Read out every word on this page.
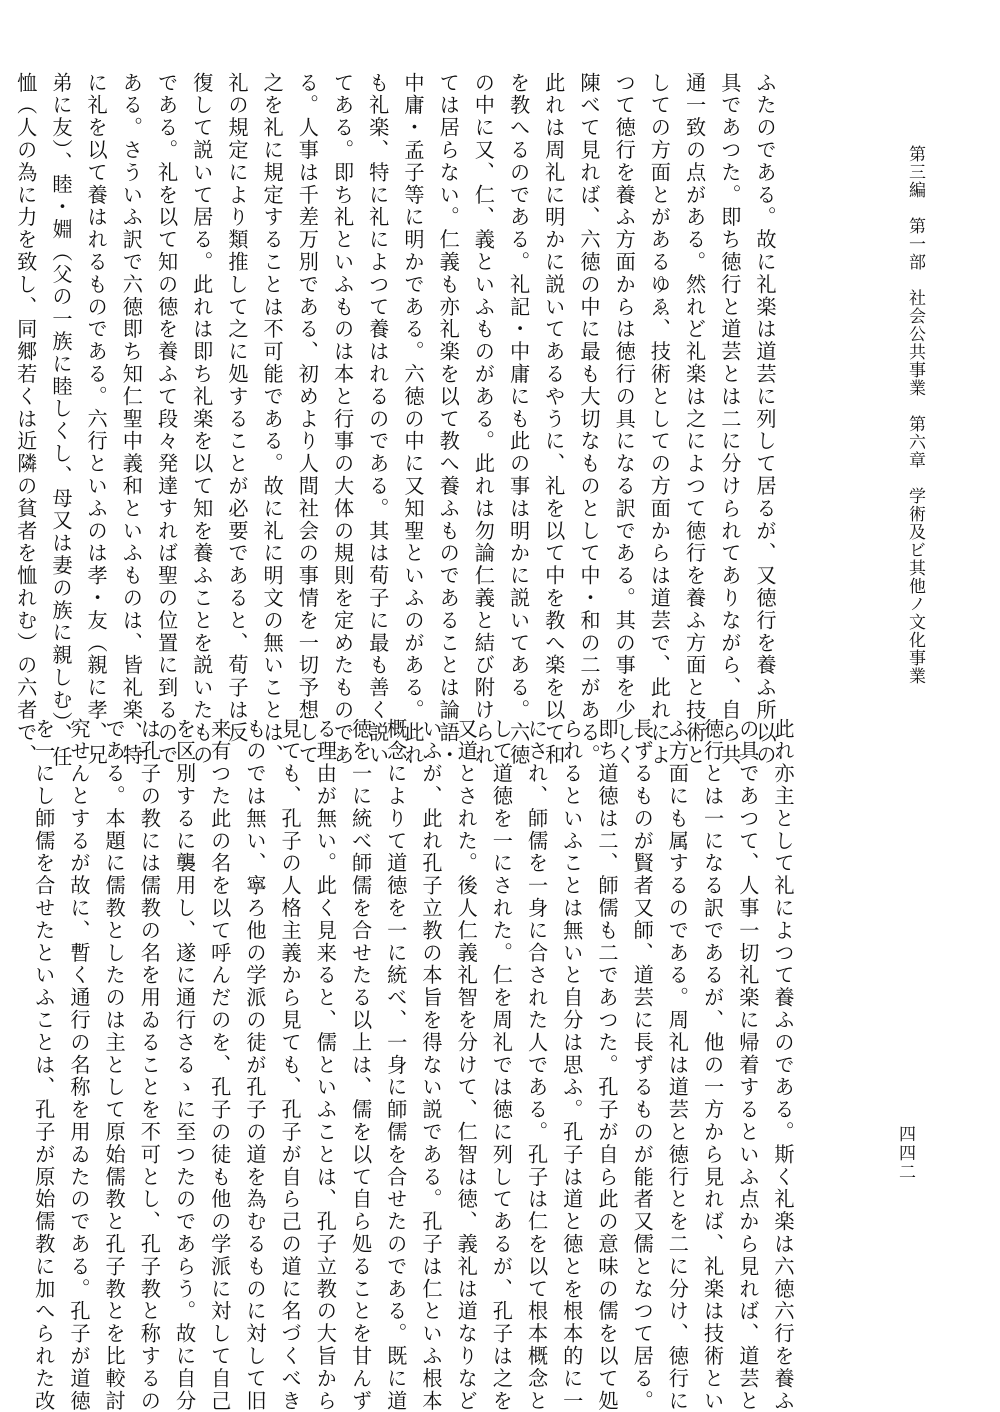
第三編　第一部　社会公共事業　第六章　学術及ビ其他ノ文化事業
四四二
ふたのである。故に礼楽は道芸に列して居るが、又徳行を養ふ所以の
具であつた。即ち徳行と道芸とは二に分けられてありながら、自ら共
通一致の点がある。然れど礼楽は之によつて徳行を養ふ方面と技術と
しての方面とがあるゆゑ、技術としての方面からは道芸で、此れによ
つて徳行を養ふ方面からは徳行の具になる訳である。其の事を少しく
陳べて見れば、六徳の中に最も大切なものとして中・和の二がある。
此れは周礼に明かに説いてあるやうに、礼を以て中を教へ楽を以て和
を教へるのである。礼記・中庸にも此の事は明かに説いてある。六徳
の中に又、仁、義といふものがある。此れは勿論仁義と結び附けられ
ては居らない。仁義も亦礼楽を以て教へ養ふものであることは論語・
中庸・孟子等に明かである。六徳の中に又知聖といふのがある。此れ
も礼楽、特に礼によつて養はれるのである。其は荀子に最も善く説い
てある。即ち礼といふものは本と行事の大体の規則を定めたものであ
る。人事は千差万別である、初めより人間社会の事情を一切予想して
之を礼に規定することは不可能である。故に礼に明文の無いことは、
礼の規定により類推して之に処することが必要であると、荀子は反
復して説いて居る。此れは即ち礼楽を以て知を養ふことを説いたもの
である。礼を以て知の徳を養ふて段々発達すれば聖の位置に到るので
ある。さういふ訳で六徳即ち知仁聖中義和といふものは、皆礼楽、特
に礼を以て養はれるものである。六行といふのは孝・友（親に孝、兄
弟に友）、睦・婣（父の一族に睦しくし、母又は妻の族に親しむ）、任
恤（人の為に力を致し、同郷若くは近隣の貧者を恤れむ）の六者で、
此れ亦主として礼によつて養ふのである。斯く礼楽は六徳六行を養ふ
の具であつて、人事一切礼楽に帰着するといふ点から見れば、道芸と
徳行とは一になる訳であるが、他の一方から見れば、礼楽は技術とい
ふ方面にも属するのである。周礼は道芸と徳行とを二に分け、徳行に
長ずるものが賢者又師、道芸に長ずるものが能者又儒となつて居る。
即ち道徳は二、師儒も二であつた。孔子が自ら此の意味の儒を以て処
られるといふことは無いと自分は思ふ。孔子は道と徳とを根本的に一
にされ、師儒を一身に合された人である。孔子は仁を以て根本概念と
して道徳を一にされた。仁を周礼では徳に列してあるが、孔子は之を
又道とされた。後人仁義礼智を分けて、仁智は徳、義礼は道なりなど
いふが、此れ孔子立教の本旨を得ない説である。孔子は仁といふ根本
概念によりて道徳を一に統べ、一身に師儒を合せたのである。既に道
徳を一に統べ師儒を合せたる以上は、儒を以て自ら処ることを甘んず
る理由が無い。此く見来ると、儒といふことは、孔子立教の大旨から
見ても、孔子の人格主義から見ても、孔子が自ら己の道に名づくべき
ものでは無い、寧ろ他の学派の徒が孔子の道を為むるものに対して旧
来有つた此の名を以て呼んだのを、孔子の徒も他の学派に対して自己
を区別するに襲用し、遂に通行さるゝに至つたのであらう。故に自分
は孔子の教には儒教の名を用ゐることを不可とし、孔子教と称するの
である。本題に儒教としたのは主として原始儒教と孔子教とを比較討
究せんとするが故に、暫く通行の名称を用ゐたのである。孔子が道徳
を一にし師儒を合せたといふことは、孔子が原始儒教に加へられた改
